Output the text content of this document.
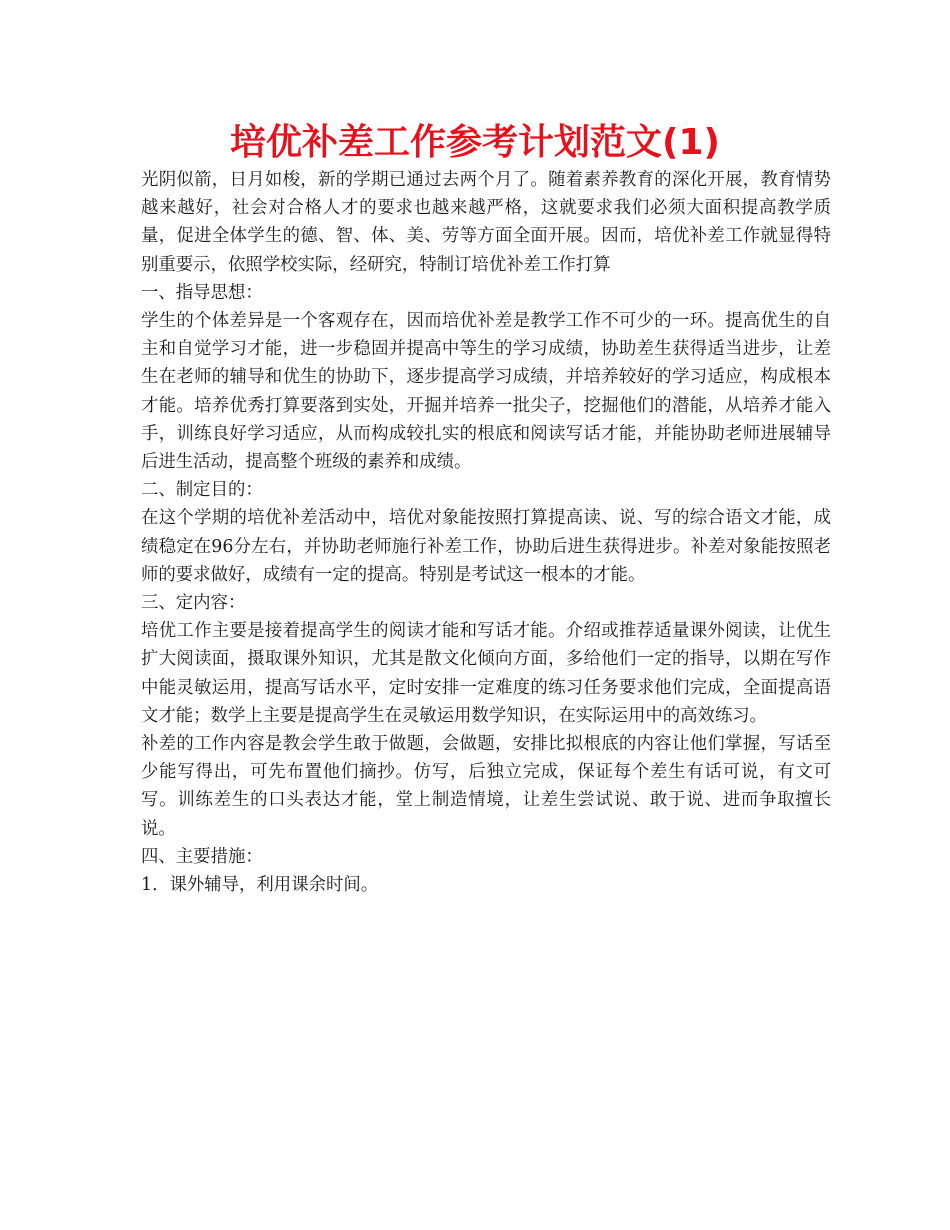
培优补差工作参考计划范文(1)

光阴似箭，日月如梭，新的学期已通过去两个月了。随着素养教育的深化开展，教育情势越来越好，社会对合格人才的要求也越来越严格，这就要求我们必须大面积提高教学质量，促进全体学生的德、智、体、美、劳等方面全面开展。因而，培优补差工作就显得特别重要示，依照学校实际，经研究，特制订培优补差工作打算

一、指导思想：

学生的个体差异是一个客观存在，因而培优补差是教学工作不可少的一环。提高优生的自主和自觉学习才能，进一步稳固并提高中等生的学习成绩，协助差生获得适当进步，让差生在老师的辅导和优生的协助下，逐步提高学习成绩，并培养较好的学习适应，构成根本才能。培养优秀打算要落到实处，开掘并培养一批尖子，挖掘他们的潜能，从培养才能入手，训练良好学习适应，从而构成较扎实的根底和阅读写话才能，并能协助老师进展辅导后进生活动，提高整个班级的素养和成绩。

二、制定目的：

在这个学期的培优补差活动中，培优对象能按照打算提高读、说、写的综合语文才能，成绩稳定在96分左右，并协助老师施行补差工作，协助后进生获得进步。补差对象能按照老师的要求做好，成绩有一定的提高。特别是考试这一根本的才能。

三、定内容：

培优工作主要是接着提高学生的阅读才能和写话才能。介绍或推荐适量课外阅读，让优生扩大阅读面，摄取课外知识，尤其是散文化倾向方面，多给他们一定的指导，以期在写作中能灵敏运用，提高写话水平，定时安排一定难度的练习任务要求他们完成，全面提高语文才能；数学上主要是提高学生在灵敏运用数学知识，在实际运用中的高效练习。

补差的工作内容是教会学生敢于做题，会做题，安排比拟根底的内容让他们掌握，写话至少能写得出，可先布置他们摘抄。仿写，后独立完成，保证每个差生有话可说，有文可写。训练差生的口头表达才能，堂上制造情境，让差生尝试说、敢于说、进而争取擅长说。

四、主要措施：

1．课外辅导，利用课余时间。
